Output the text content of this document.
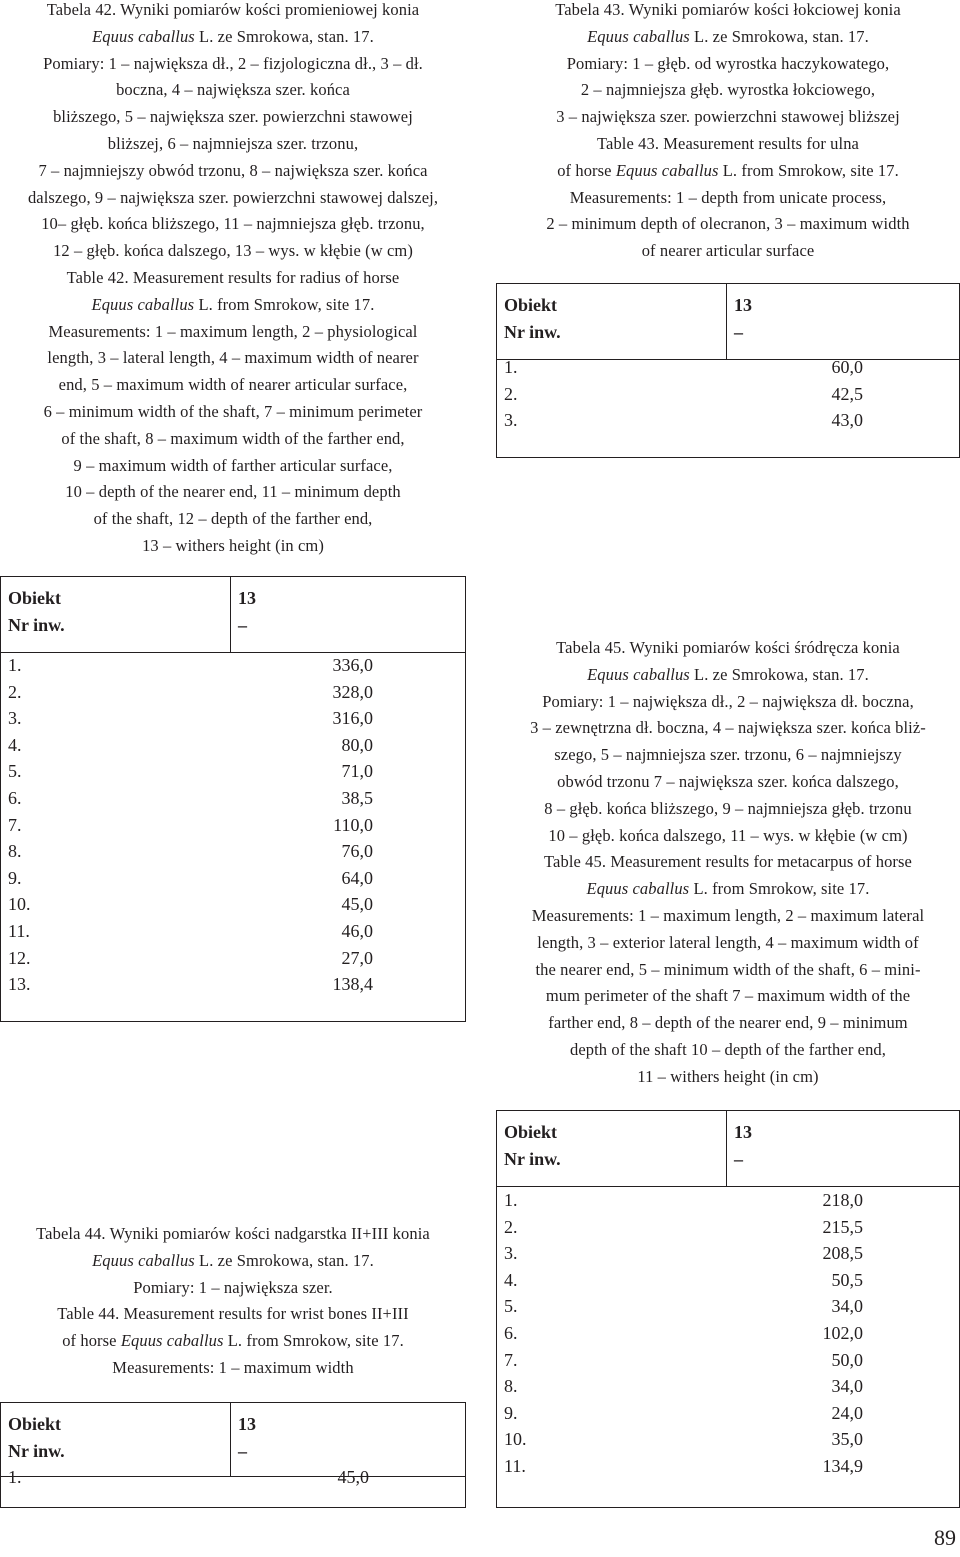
Tabela 42. Wyniki pomiarów kości promieniowej konia
Equus caballus L. ze Smrokowa, stan. 17.
Pomiary: 1 – największa dł., 2 – fizjologiczna dł., 3 – dł.
boczna, 4 – największa szer. końca
bliższego, 5 – największa szer. powierzchni stawowej
bliższej, 6 – najmniejsza szer. trzonu,
7 – najmniejszy obwód trzonu, 8 – największa szer. końca
dalszego, 9 – największa szer. powierzchni stawowej dalszej,
10– głęb. końca bliższego, 11 – najmniejsza głęb. trzonu,
12 – głęb. końca dalszego, 13 – wys. w kłębie (w cm)
Table 42. Measurement results for radius of horse
Equus caballus L. from Smrokow, site 17.
Measurements: 1 – maximum length, 2 – physiological
length, 3 – lateral length, 4 – maximum width of nearer
end, 5 – maximum width of nearer articular surface,
6 – minimum width of the shaft, 7 – minimum perimeter
of the shaft, 8 – maximum width of the farther end,
9 – maximum width of farther articular surface,
10 – depth of the nearer end, 11 – minimum depth
of the shaft, 12 – depth of the farther end,
13 – withers height (in cm)
Tabela 43. Wyniki pomiarów kości łokciowej konia
Equus caballus L. ze Smrokowa, stan. 17.
Pomiary: 1 – głęb. od wyrostka haczykowatego,
2 – najmniejsza głęb. wyrostka łokciowego,
3 – największa szer. powierzchni stawowej bliższej
Table 43. Measurement results for ulna
of horse Equus caballus L. from Smrokow, site 17.
Measurements: 1 – depth from unicate process,
2 – minimum depth of olecranon, 3 – maximum width
of nearer articular surface
Tabela 44. Wyniki pomiarów kości nadgarstka II+III konia
Equus caballus L. ze Smrokowa, stan. 17.
Pomiary: 1 – największa szer.
Table 44. Measurement results for wrist bones II+III
of horse Equus caballus L. from Smrokow, site 17.
Measurements: 1 – maximum width
Tabela 45. Wyniki pomiarów kości śródręcza konia
Equus caballus L. ze Smrokowa, stan. 17.
Pomiary: 1 – największa dł., 2 – największa dł. boczna,
3 – zewnętrzna dł. boczna, 4 – największa szer. końca bliż-
szego, 5 – najmniejsza szer. trzonu, 6 – najmniejszy
obwód trzonu 7 – największa szer. końca dalszego,
8 – głęb. końca bliższego, 9 – najmniejsza głęb. trzonu
10 – głęb. końca dalszego, 11 – wys. w kłębie (w cm)
Table 45. Measurement results for metacarpus of horse
Equus caballus L. from Smrokow, site 17.
Measurements: 1 – maximum length, 2 – maximum lateral
length, 3 – exterior lateral length, 4 – maximum width of
the nearer end, 5 – minimum width of the shaft, 6 – mini-
mum perimeter of the shaft 7 – maximum width of the
farther end, 8 – depth of the nearer end, 9 – minimum
depth of the shaft 10 – depth of the farther end,
11 – withers height (in cm)
Obiekt
Nr inw.
13
–
1.	336,0
2.	328,0
3.	316,0
4.	80,0
5.	71,0
6.	38,5
7.	110,0
8.	76,0
9.	64,0
10.	45,0
11.	46,0
12.	27,0
13.	138,4
Obiekt
Nr inw.
13
–
1.	60,0
2.	42,5
3.	43,0
Obiekt
Nr inw.
13
–
1.	45,0
Obiekt
Nr inw.
13
–
1.	218,0
2.	215,5
3.	208,5
4.	50,5
5.	34,0
6.	102,0
7.	50,0
8.	34,0
9.	24,0
10.	35,0
11.	134,9
89
